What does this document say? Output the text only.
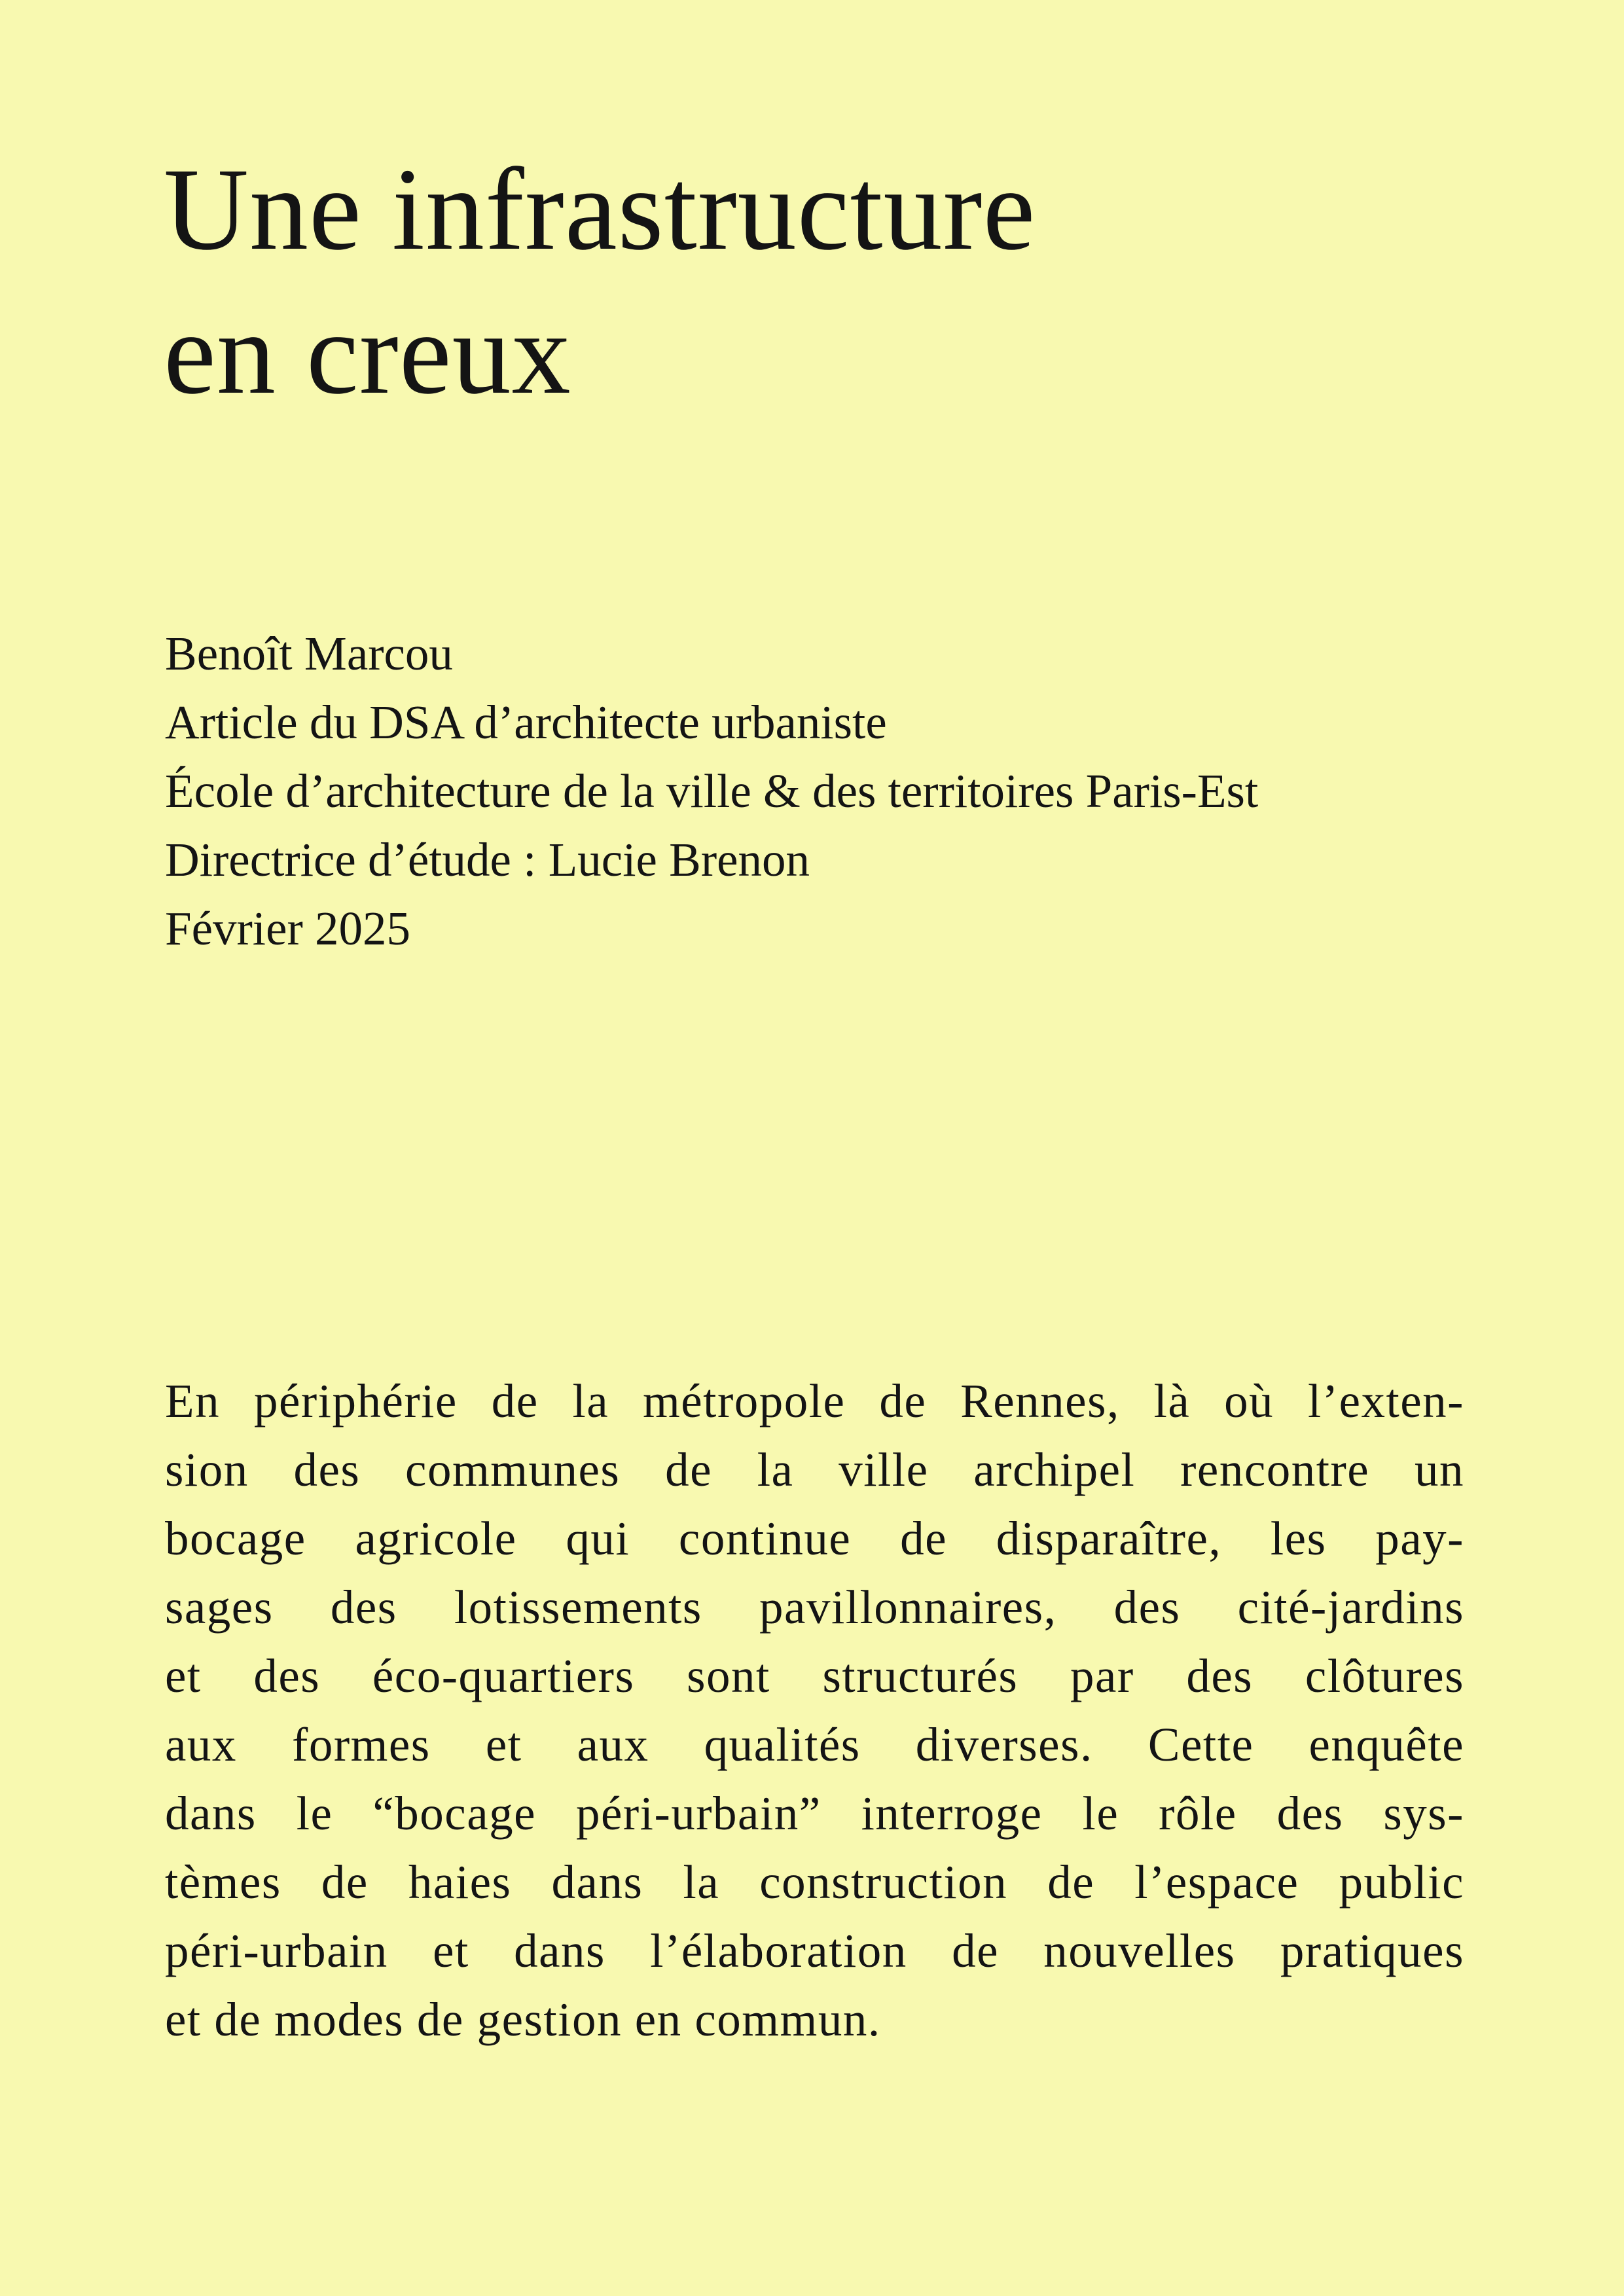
Une infrastructure
en creux
Benoît Marcou
Article du DSA d’architecte urbaniste
École d’architecture de la ville & des territoires Paris-Est
Directrice d’étude : Lucie Brenon
Février 2025
En périphérie de la métropole de Rennes, là où l’exten-
sion des communes de la ville archipel rencontre un
bocage agricole qui continue de disparaître, les pay-
sages des lotissements pavillonnaires, des cité-jardins
et des éco-quartiers sont structurés par des clôtures
aux formes et aux qualités diverses. Cette enquête
dans le “bocage péri-urbain” interroge le rôle des sys-
tèmes de haies dans la construction de l’espace public
péri-urbain et dans l’élaboration de nouvelles pratiques
et de modes de gestion en commun.
